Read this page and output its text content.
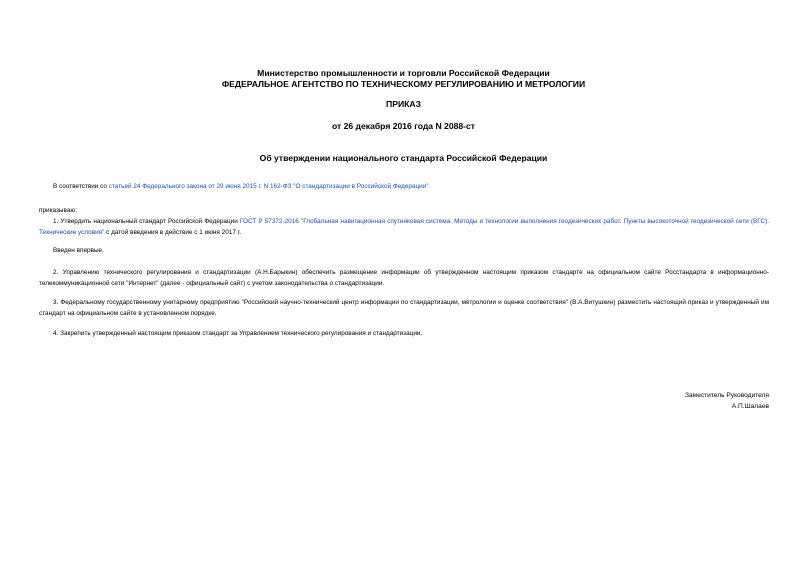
Министерство промышленности и торговли Российской Федерации
ФЕДЕРАЛЬНОЕ АГЕНТСТВО ПО ТЕХНИЧЕСКОМУ РЕГУЛИРОВАНИЮ И МЕТРОЛОГИИ
ПРИКАЗ
от 26 декабря 2016 года N 2088-ст
Об утверждении национального стандарта Российской Федерации
В соответствии со статьей 24 Федерального закона от 29 июня 2015 г. N 162-ФЗ "О стандартизации в Российской Федерации"
приказываю:
1. Утвердить национальный стандарт Российской Федерации ГОСТ Р 57372-2016 "Глобальная навигационная спутниковая система. Методы и технологии выполнения геодезических работ. Пункты высокоточной геодезической сети (ВГС). Технические условия" с датой введения в действие с 1 июня 2017 г.
Введен впервые.
2. Управлению технического регулирования и стандартизации (А.Н.Барыкин) обеспечить размещение информации об утвержденном настоящим приказом стандарте на официальном сайте Росстандарта в информационно-телекоммуникационной сети "Интернет" (далее - официальный сайт) с учетом законодательства о стандартизации.
3. Федеральному государственному унитарному предприятию "Российский научно-технический центр информации по стандартизации, метрологии и оценке соответствия" (В.А.Витушкин) разместить настоящий приказ и утвержденный им стандарт на официальном сайте в установленном порядке.
4. Закрепить утвержденный настоящим приказом стандарт за Управлением технического регулирования и стандартизации.
Заместитель Руководителя
А.П.Шалаев
